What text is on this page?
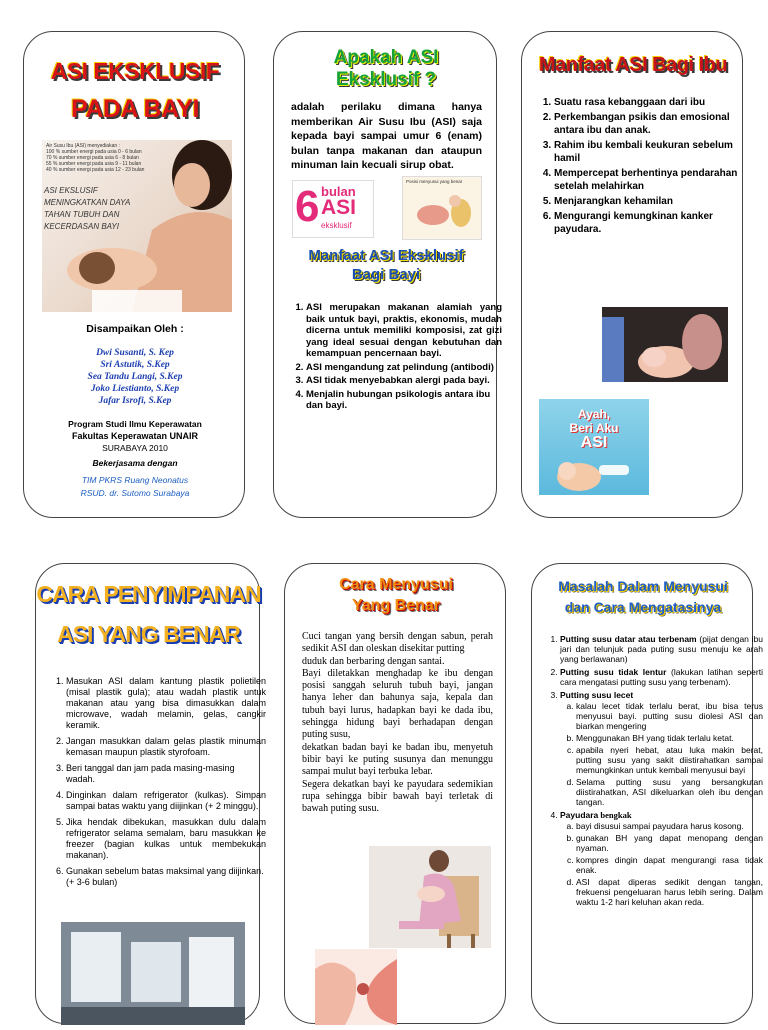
ASI EKSKLUSIF
PADA BAYI
Air Susu Ibu (ASI) menyediakan :
100 % sumber energi pada usia 0 - 6 bulan
70 % sumber energi pada usia 6 - 8 bulan
55 % sumber energi pada usia 9 - 11 bulan
40 % sumber energi pada usia 12 - 23 bulan
ASI EKSLUSIF MENINGKATKAN DAYA TAHAN TUBUH DAN KECERDASAN BAYI
Disampaikan Oleh :
Dwi Susanti, S. Kep
Sri Astutik, S.Kep
Sea Tandu Langi, S.Kep
Joko Liestianto, S.Kep
Jafar Isrofi, S.Kep
Program Studi Ilmu Keperawatan
Fakultas Keperawatan UNAIR
SURABAYA 2010
Bekerjasama dengan
TIM PKRS Ruang Neonatus
RSUD. dr. Sutomo Surabaya
Apakah ASI
Eksklusif ?
adalah perilaku dimana hanya memberikan Air Susu Ibu (ASI) saja kepada bayi sampai umur 6 (enam) bulan tanpa makanan dan ataupun minuman lain kecuali sirup obat.
6 bulan
ASI
eksklusif
Posisi menyusui yang benar
Manfaat ASI Eksklusif
Bagi Bayi
1. ASI merupakan makanan alamiah yang baik untuk bayi, praktis, ekonomis, mudah dicerna untuk memiliki komposisi, zat gizi yang ideal sesuai dengan kebutuhan dan kemampuan pencernaan bayi.
2. ASI mengandung zat pelindung (antibodi)
3. ASI tidak menyebabkan alergi pada bayi.
4. Menjalin hubungan psikologis antara ibu dan bayi.
Manfaat ASI Bagi Ibu
1. Suatu rasa kebanggaan dari ibu
2. Perkembangan psikis dan emosional antara ibu dan anak.
3. Rahim ibu kembali keukuran sebelum hamil
4. Mempercepat berhentinya pendarahan setelah melahirkan
5. Menjarangkan kehamilan
6. Mengurangi kemungkinan kanker payudara.
Ayah,
Beri Aku
ASI
CARA PENYIMPANAN
ASI YANG BENAR
1. Masukan ASI dalam kantung plastik polietilen (misal plastik gula); atau wadah plastik untuk makanan atau yang bisa dimasukkan dalam microwave, wadah melamin, gelas, cangkir keramik.
2. Jangan masukkan dalam gelas plastik minuman kemasan maupun plastik styrofoam.
3. Beri tanggal dan jam pada masing-masing wadah.
4. Dinginkan dalam refrigerator (kulkas). Simpan sampai batas waktu yang diijinkan (+ 2 minggu).
5. Jika hendak dibekukan, masukkan dulu dalam refrigerator selama semalam, baru masukkan ke freezer (bagian kulkas untuk membekukan makanan).
6. Gunakan sebelum batas maksimal yang diijinkan. (+ 3-6 bulan)
Cara Menyusui
Yang Benar
Cuci tangan yang bersih dengan sabun, perah sedikit ASI dan oleskan disekitar putting
duduk dan berbaring dengan santai.
Bayi diletakkan menghadap ke ibu dengan posisi sanggah seluruh tubuh bayi, jangan hanya leher dan bahunya saja, kepala dan tubuh bayi lurus, hadapkan bayi ke dada ibu, sehingga hidung bayi berhadapan dengan puting susu,
dekatkan badan bayi ke badan ibu, menyetuh bibir bayi ke puting susunya dan menunggu sampai mulut bayi terbuka lebar.
Segera dekatkan bayi ke payudara sedemikian rupa sehingga bibir bawah bayi terletak di bawah puting susu.
Masalah Dalam Menyusui
dan Cara Mengatasinya
1. Putting susu datar atau terbenam (pijat dengan ibu jari dan telunjuk pada puting susu menuju ke arah yang berlawanan)
2. Putting susu tidak lentur (lakukan latihan seperti cara mengatasi putting susu yang terbenam).
3. Putting susu lecet
a. kalau lecet tidak terlalu berat, ibu bisa terus menyusui bayi. putting susu diolesi ASI dan biarkan mengering
b. Menggunakan BH yang tidak terlalu ketat.
c. apabila nyeri hebat, atau luka makin berat, putting susu yang sakit diistirahatkan sampai memungkinkan untuk kembali menyusui bayi
d. Selama putting susu yang bersangkutan diistirahatkan, ASI dikeluarkan oleh ibu dengan tangan.
4. Payudara bengkak
a. bayi disusui sampai payudara harus kosong.
b. gunakan BH yang dapat menopang dengan nyaman.
c. kompres dingin dapat mengurangi rasa tidak enak.
d. ASI dapat diperas sedikit dengan tangan, frekuensi pengeluaran harus lebih sering. Dalam waktu 1-2 hari keluhan akan reda.
